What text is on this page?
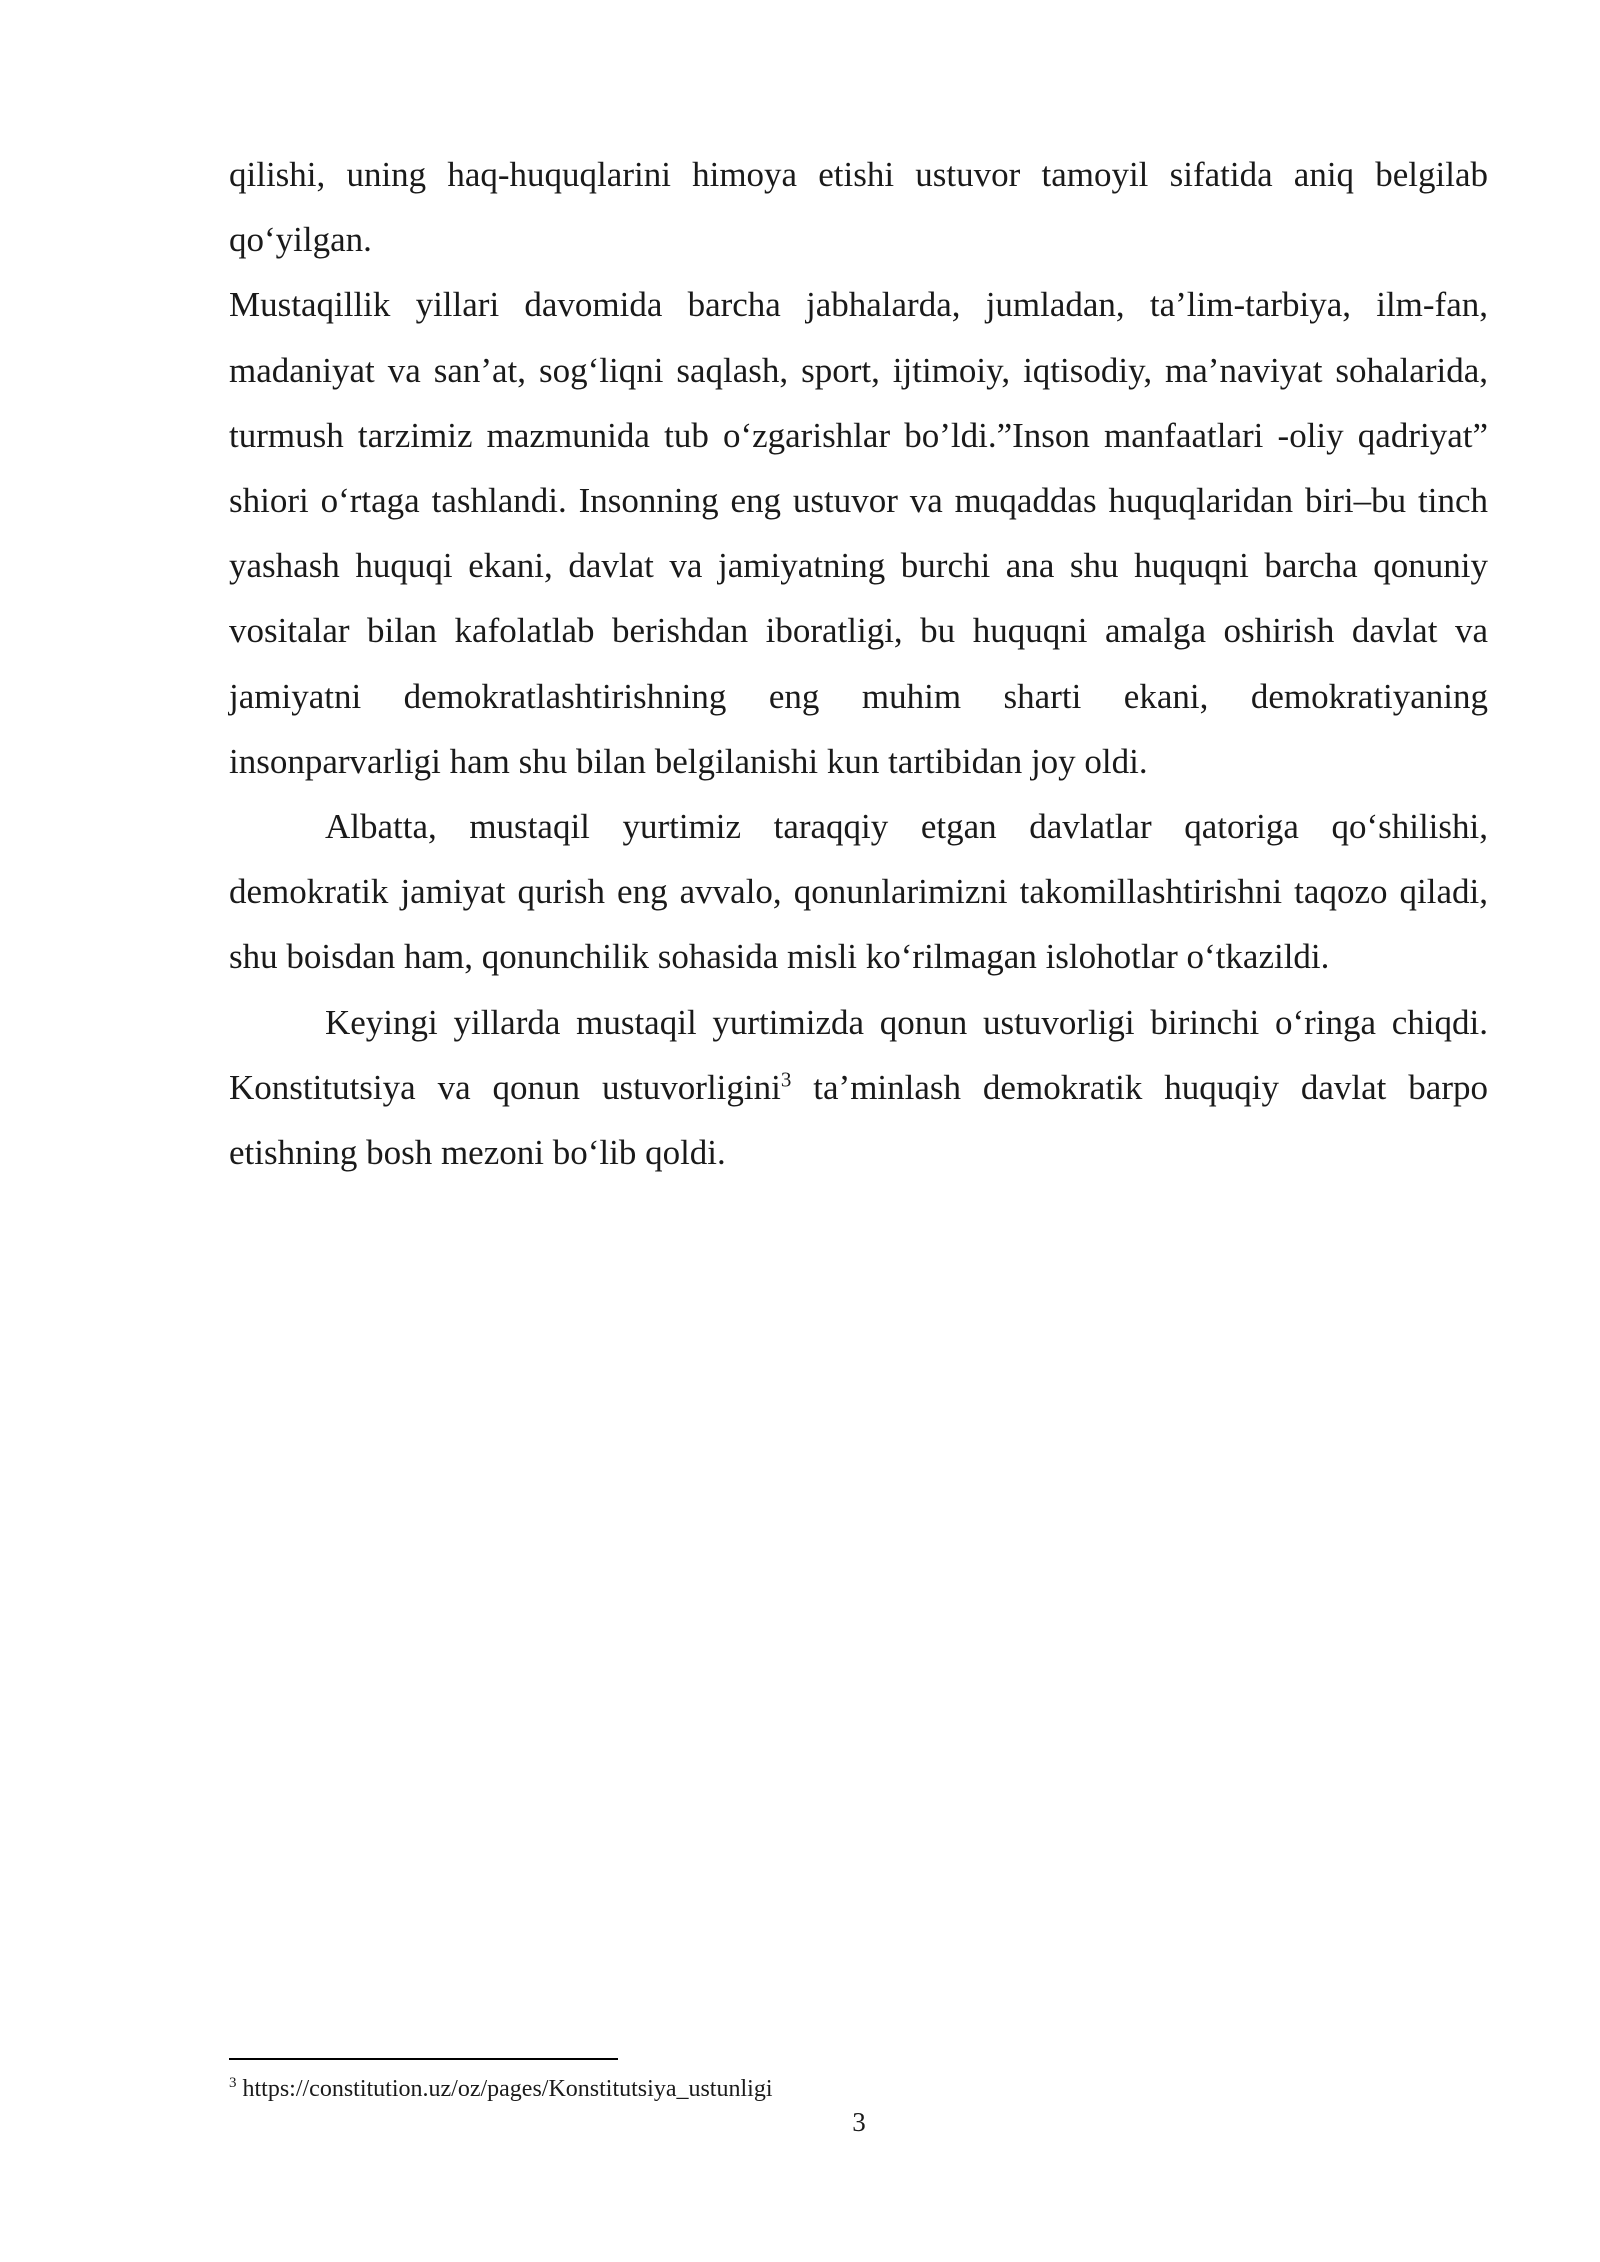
qilishi, uning haq-huquqlarini himoya etishi ustuvor tamoyil sifatida aniq belgilab qo‘yilgan.

Mustaqillik yillari davomida barcha jabhalarda, jumladan, ta’lim-tarbiya, ilm-fan, madaniyat va san’at, sog‘liqni saqlash, sport, ijtimoiy, iqtisodiy, ma’naviyat sohalarida, turmush tarzimiz mazmunida tub o‘zgarishlar bo’ldi.”Inson manfaatlari -oliy qadriyat” shiori o‘rtaga tashlandi. Insonning eng ustuvor va muqaddas huquqlaridan biri–bu tinch yashash huquqi ekani, davlat va jamiyatning burchi ana shu huquqni barcha qonuniy vositalar bilan kafolatlab berishdan iboratligi, bu huquqni amalga oshirish davlat va jamiyatni demokratlashtirishning eng muhim sharti ekani, demokratiyaning insonparvarligi ham shu bilan belgilanishi kun tartibidan joy oldi.

Albatta, mustaqil yurtimiz taraqqiy etgan davlatlar qatoriga qo‘shilishi, demokratik jamiyat qurish eng avvalo, qonunlarimizni takomillashtirishni taqozo qiladi, shu boisdan ham, qonunchilik sohasida misli ko‘rilmagan islohotlar o‘tkazildi.

Keyingi yillarda mustaqil yurtimizda qonun ustuvorligi birinchi o‘ringa chiqdi. Konstitutsiya va qonun ustuvorligini$^3$ ta’minlash demokratik huquqiy davlat barpo etishning bosh mezoni bo‘lib qoldi.

$^3$ https://constitution.uz/oz/pages/Konstitutsiya_ustunligi
3
